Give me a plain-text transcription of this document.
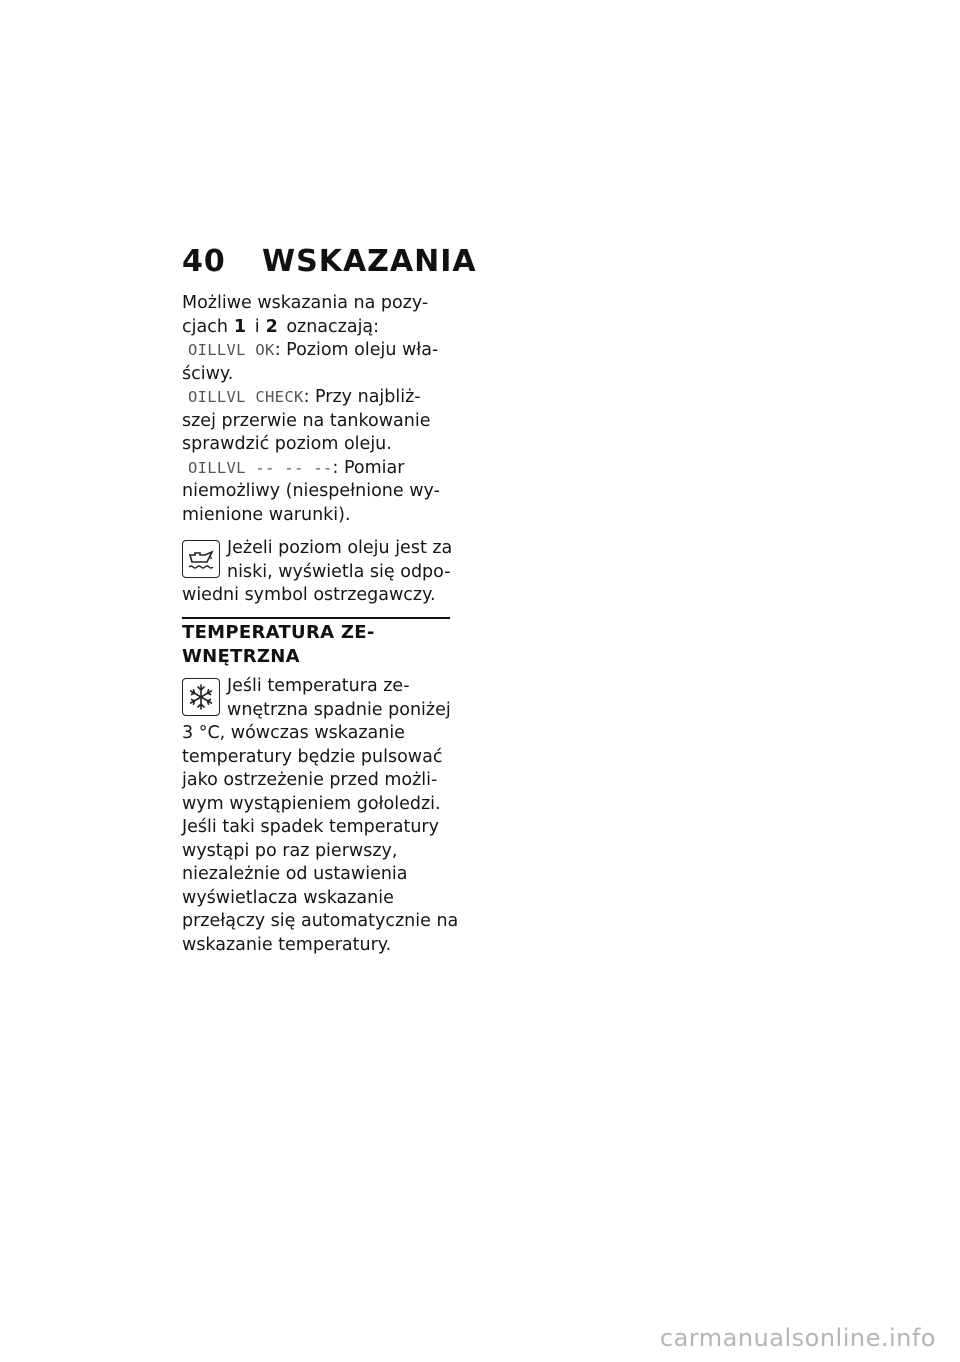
40 WSKAZANIA
Możliwe wskazania na pozy-
cjach 1 i 2 oznaczają:
OILLVL OK: Poziom oleju wła-
ściwy.
OILLVL CHECK: Przy najbliż-
szej przerwie na tankowanie
sprawdzić poziom oleju.
OILLVL -- -- --: Pomiar
niemożliwy (niespełnione wy-
mienione warunki).
Jeżeli poziom oleju jest za
niski, wyświetla się odpo-
wiedni symbol ostrzegawczy.
TEMPERATURA ZE-
WNĘTRZNA
Jeśli temperatura ze-
wnętrzna spadnie poniżej
3 °C, wówczas wskazanie
temperatury będzie pulsować
jako ostrzeżenie przed możli-
wym wystąpieniem gołoledzi.
Jeśli taki spadek temperatury
wystąpi po raz pierwszy,
niezależnie od ustawienia
wyświetlacza wskazanie
przełączy się automatycznie na
wskazanie temperatury.
carmanualsonline.info
